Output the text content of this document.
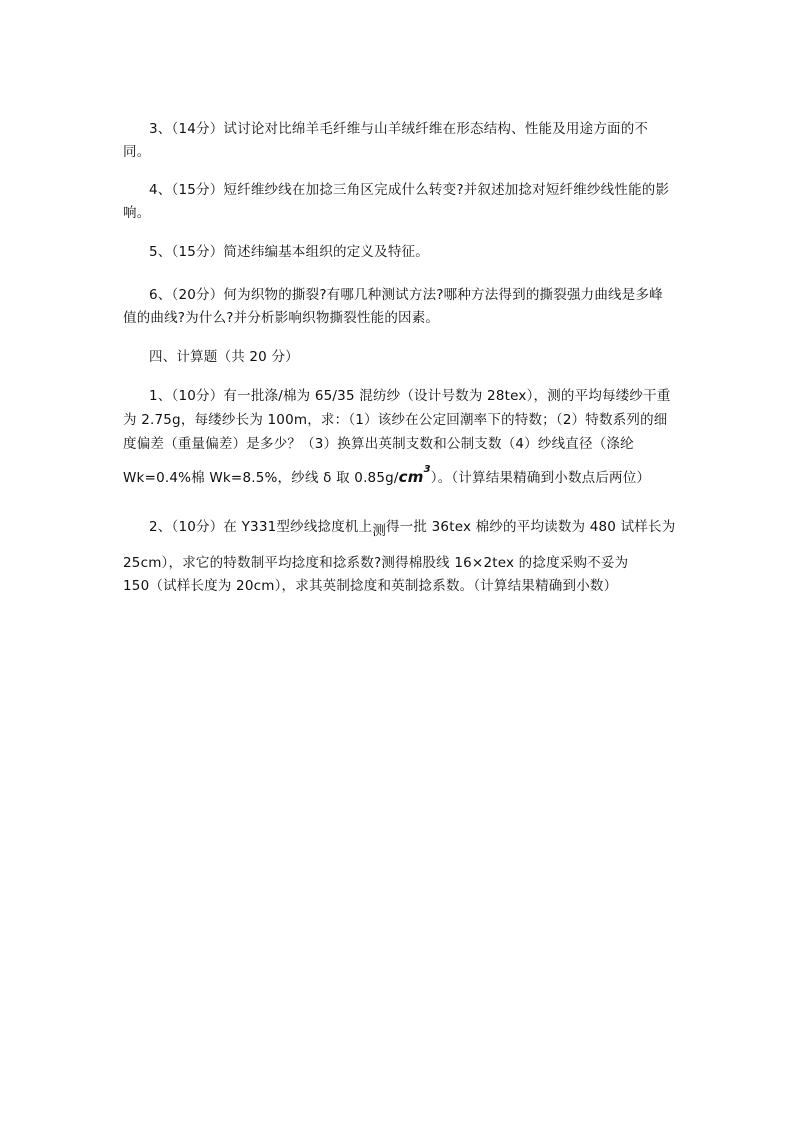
3、（14分）试讨论对比绵羊毛纤维与山羊绒纤维在形态结构、性能及用途方面的不同。

4、（15分）短纤维纱线在加捻三角区完成什么转变?并叙述加捻对短纤维纱线性能的影响。

5、（15分）简述纬编基本组织的定义及特征。

6、（20分）何为织物的撕裂?有哪几种测试方法?哪种方法得到的撕裂强力曲线是多峰值的曲线?为什么?并分析影响织物撕裂性能的因素。

四、计算题（共 20 分）

1、（10分）有一批涤/棉为 65/35 混纺纱（设计号数为 28tex），测的平均每缕纱干重为 2.75g，每缕纱长为 100m，求：（1）该纱在公定回潮率下的特数；（2）特数系列的细度偏差（重量偏差）是多少？（3）换算出英制支数和公制支数（4）纱线直径（涤纶

Wk=0.4%棉 Wk=8.5%，纱线 δ 取 $0.85g/cm^3$）。（计算结果精确到小数点后两位）

2、（10分）在 Y331型纱线捻度机上测得一批 36tex 棉纱的平均读数为 480 试样长为

25cm），求它的特数制平均捻度和捻系数?测得棉股线 16×2tex 的捻度采购不妥为

150（试样长度为 20cm），求其英制捻度和英制捻系数。（计算结果精确到小数）
